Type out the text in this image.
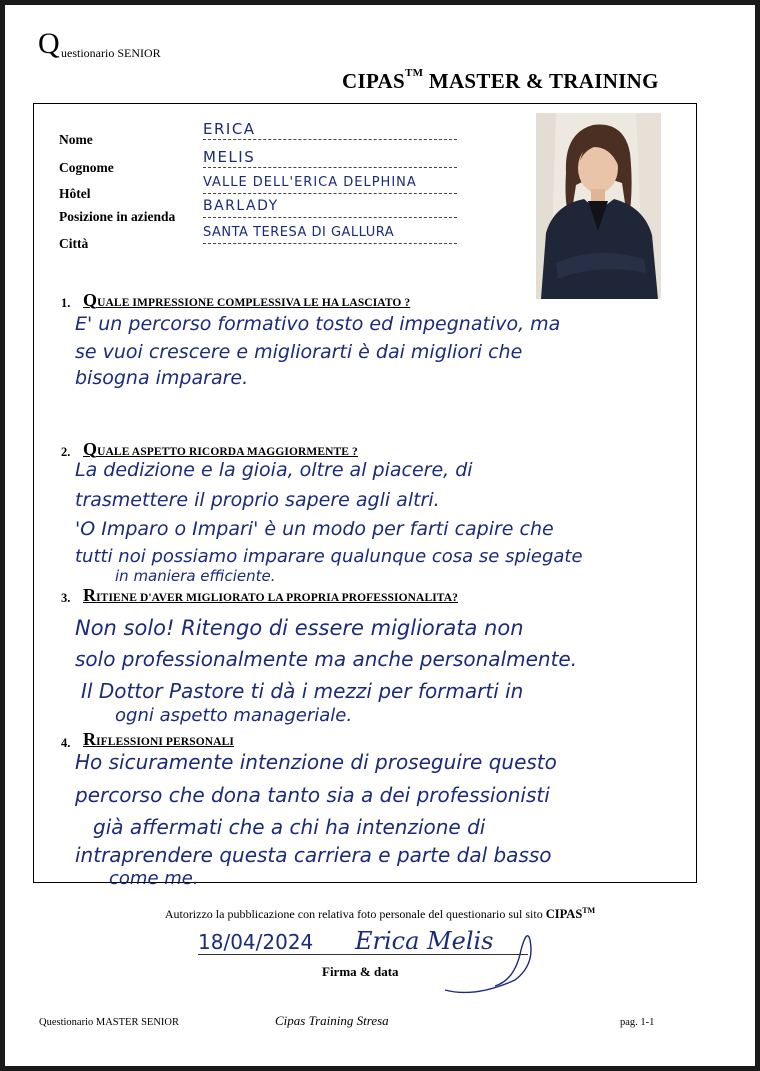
Q uestionario SENIOR
CIPAS™ MASTER & TRAINING
Nome
ERICA
Cognome
MELIS
Hôtel
VALLE DELL'ERICA DELPHINA
Posizione in azienda
BARLADY
Città
SANTA TERESA DI GALLURA
1. QUALE IMPRESSIONE COMPLESSIVA LE HA LASCIATO ?
E' un percorso formativo tosto ed impegnativo, ma
se vuoi crescere e migliorarti è dai migliori che
bisogna imparare.
2. QUALE ASPETTO RICORDA MAGGIORMENTE ?
La dedizione e la gioia, oltre al piacere, di
trasmettere il proprio sapere agli altri.
'O Imparo o Impari' è un modo per farti capire che
tutti noi possiamo imparare qualunque cosa se spiegate
in maniera efficiente.
3. RITIENE D'AVER MIGLIORATO LA PROPRIA PROFESSIONALITA?
Non solo! Ritengo di essere migliorata non
solo professionalmente ma anche personalmente.
Il Dottor Pastore ti dà i mezzi per formarti in
ogni aspetto manageriale.
4. RIFLESSIONI PERSONALI
Ho sicuramente intenzione di proseguire questo
percorso che dona tanto sia a dei professionisti
già affermati che a chi ha intenzione di
intraprendere questa carriera e parte dal basso
come me.
Autorizzo la pubblicazione con relativa foto personale del questionario sul sito CIPAS™
18/04/2024 Erica Melis
Firma & data
Questionario MASTER SENIOR	Cipas Training Stresa	pag. 1-1
